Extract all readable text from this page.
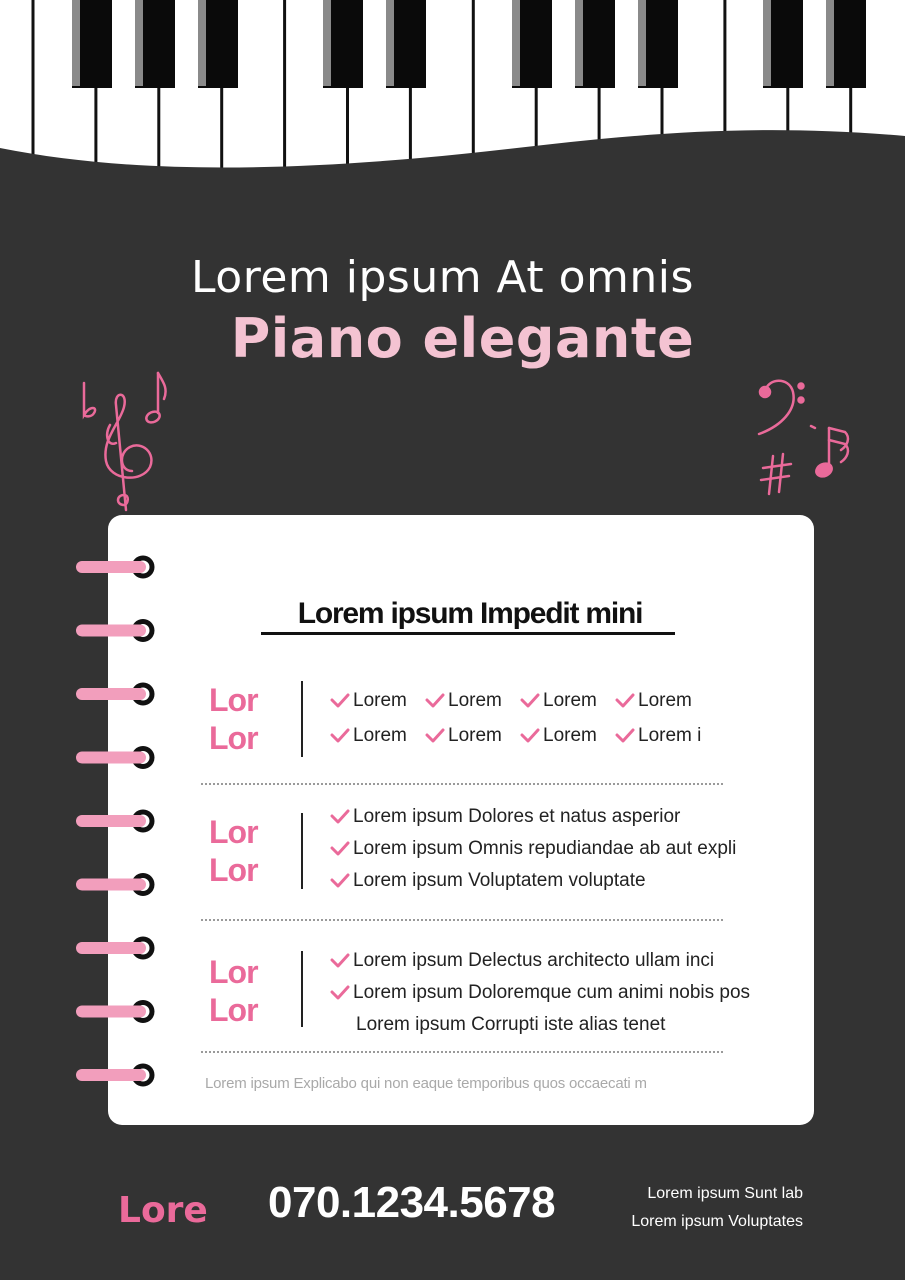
Lorem ipsum At omnis
Piano elegante
Lorem ipsum Impedit mini
Lor
Lor
Lorem Lorem Lorem Lorem
Lorem Lorem Lorem Lorem i
Lor
Lor
Lorem ipsum Dolores et natus asperior
Lorem ipsum Omnis repudiandae ab aut expli
Lorem ipsum Voluptatem voluptate
Lor
Lor
Lorem ipsum Delectus architecto ullam inci
Lorem ipsum Doloremque cum animi nobis pos
Lorem ipsum Corrupti iste alias tenet
Lorem ipsum Explicabo qui non eaque temporibus quos occaecati m
Lore 070.1234.5678	Lorem ipsum Sunt lab
Lorem ipsum Voluptates
